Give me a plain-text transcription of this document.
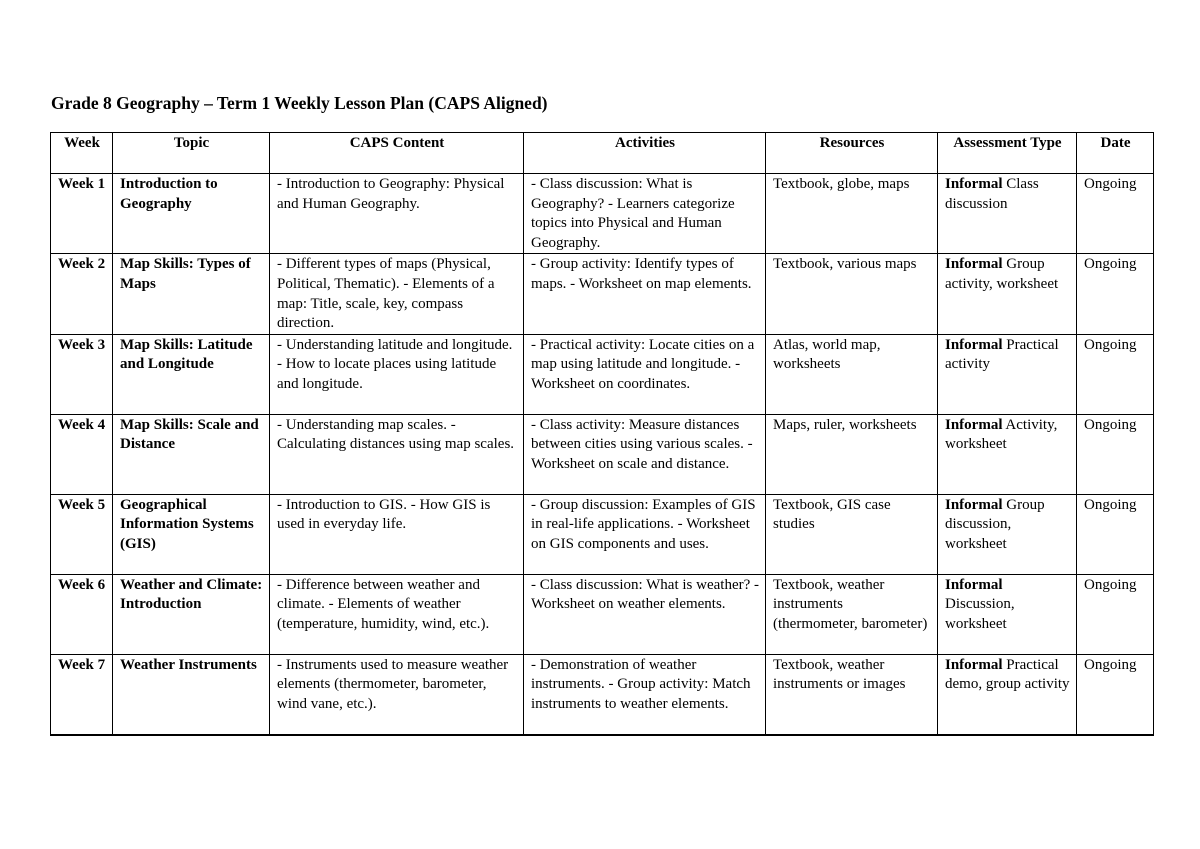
Grade 8 Geography – Term 1 Weekly Lesson Plan (CAPS Aligned)
Week	Topic	CAPS Content	Activities	Resources	Assessment Type	Date
Week 1	Introduction to Geography	- Introduction to Geography: Physical and Human Geography.	- Class discussion: What is Geography? - Learners categorize topics into Physical and Human Geography.	Textbook, globe, maps	Informal Class discussion	Ongoing
Week 2	Map Skills: Types of Maps	- Different types of maps (Physical, Political, Thematic). - Elements of a map: Title, scale, key, compass direction.	- Group activity: Identify types of maps. - Worksheet on map elements.	Textbook, various maps	Informal Group activity, worksheet	Ongoing
Week 3	Map Skills: Latitude and Longitude	- Understanding latitude and longitude. - How to locate places using latitude and longitude.	- Practical activity: Locate cities on a map using latitude and longitude. - Worksheet on coordinates.	Atlas, world map, worksheets	Informal Practical activity	Ongoing
Week 4	Map Skills: Scale and Distance	- Understanding map scales. - Calculating distances using map scales.	- Class activity: Measure distances between cities using various scales. - Worksheet on scale and distance.	Maps, ruler, worksheets	Informal Activity, worksheet	Ongoing
Week 5	Geographical Information Systems (GIS)	- Introduction to GIS. - How GIS is used in everyday life.	- Group discussion: Examples of GIS in real-life applications. - Worksheet on GIS components and uses.	Textbook, GIS case studies	Informal Group discussion, worksheet	Ongoing
Week 6	Weather and Climate: Introduction	- Difference between weather and climate. - Elements of weather (temperature, humidity, wind, etc.).	- Class discussion: What is weather? - Worksheet on weather elements.	Textbook, weather instruments (thermometer, barometer)	Informal Discussion, worksheet	Ongoing
Week 7	Weather Instruments	- Instruments used to measure weather elements (thermometer, barometer, wind vane, etc.).	- Demonstration of weather instruments. - Group activity: Match instruments to weather elements.	Textbook, weather instruments or images	Informal Practical demo, group activity	Ongoing
